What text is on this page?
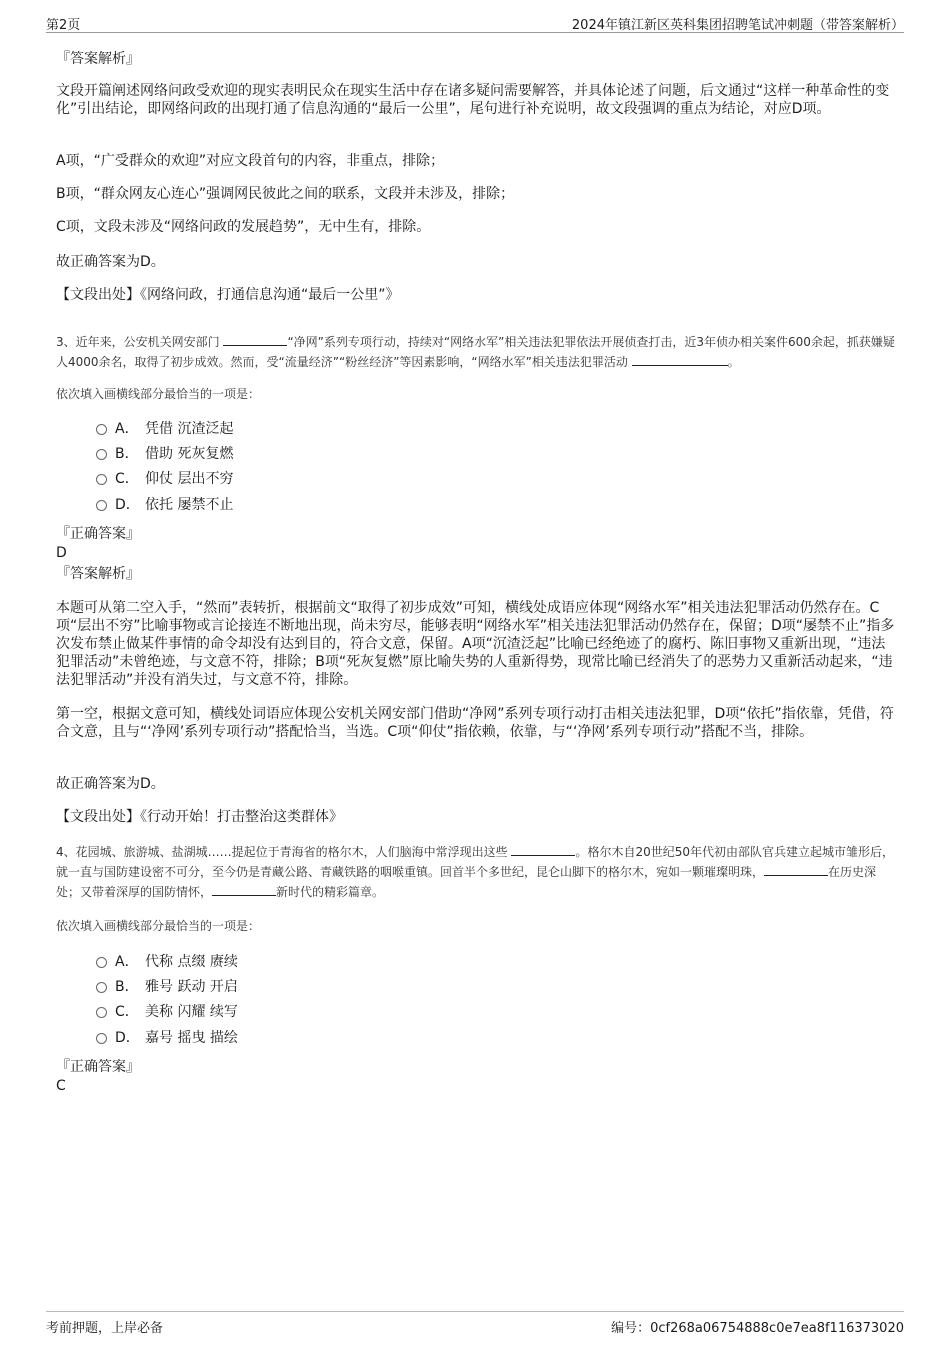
第2页	2024年镇江新区英科集团招聘笔试冲刺题（带答案解析）
『答案解析』
文段开篇阐述网络问政受欢迎的现实表明民众在现实生活中存在诸多疑问需要解答，并具体论述了问题，后文通过“这样一种革命性的变化”引出结论，即网络问政的出现打通了信息沟通的“最后一公里”，尾句进行补充说明，故文段强调的重点为结论，对应D项。
A项，“广受群众的欢迎”对应文段首句的内容，非重点，排除；
B项，“群众网友心连心”强调网民彼此之间的联系，文段并未涉及，排除；
C项，文段未涉及“网络问政的发展趋势”，无中生有，排除。
故正确答案为D。
【文段出处】《网络问政，打通信息沟通“最后一公里”》
3、近年来，公安机关网安部门	“净网”系列专项行动，持续对“网络水军”相关违法犯罪依法开展侦查打击，近3年侦办相关案件600余起，抓获嫌疑人4000余名，取得了初步成效。然而，受“流量经济”“粉丝经济”等因素影响，“网络水军”相关违法犯罪活动	。
依次填入画横线部分最恰当的一项是：
A． 凭借 沉渣泛起
B． 借助 死灰复燃
C． 仰仗 层出不穷
D． 依托 屡禁不止
『正确答案』
D
『答案解析』
本题可从第二空入手，“然而”表转折，根据前文“取得了初步成效”可知，横线处成语应体现“网络水军”相关违法犯罪活动仍然存在。C项“层出不穷”比喻事物或言论接连不断地出现，尚未穷尽，能够表明“网络水军”相关违法犯罪活动仍然存在，保留；D项“屡禁不止”指多次发布禁止做某件事情的命令却没有达到目的，符合文意，保留。A项“沉渣泛起”比喻已经绝迹了的腐朽、陈旧事物又重新出现，“违法犯罪活动”未曾绝迹，与文意不符，排除；B项“死灰复燃”原比喻失势的人重新得势，现常比喻已经消失了的恶势力又重新活动起来，“违法犯罪活动”并没有消失过，与文意不符，排除。
第一空，根据文意可知，横线处词语应体现公安机关网安部门借助“净网”系列专项行动打击相关违法犯罪，D项“依托”指依靠，凭借，符合文意，且与“‘净网’系列专项行动”搭配恰当，当选。C项“仰仗”指依赖，依靠，与“‘净网’系列专项行动”搭配不当，排除。
故正确答案为D。
【文段出处】《行动开始！打击整治这类群体》
4、花园城、旅游城、盐湖城……提起位于青海省的格尔木，人们脑海中常浮现出这些	。格尔木自20世纪50年代初由部队官兵建立起城市雏形后，就一直与国防建设密不可分，至今仍是青藏公路、青藏铁路的咽喉重镇。回首半个多世纪，昆仑山脚下的格尔木，宛如一颗璀璨明珠，	在历史深处；又带着深厚的国防情怀，	新时代的精彩篇章。
依次填入画横线部分最恰当的一项是：
A． 代称 点缀 赓续
B． 雅号 跃动 开启
C． 美称 闪耀 续写
D． 嘉号 摇曳 描绘
『正确答案』
C
考前押题，上岸必备	编号：0cf268a06754888c0e7ea8f116373020
